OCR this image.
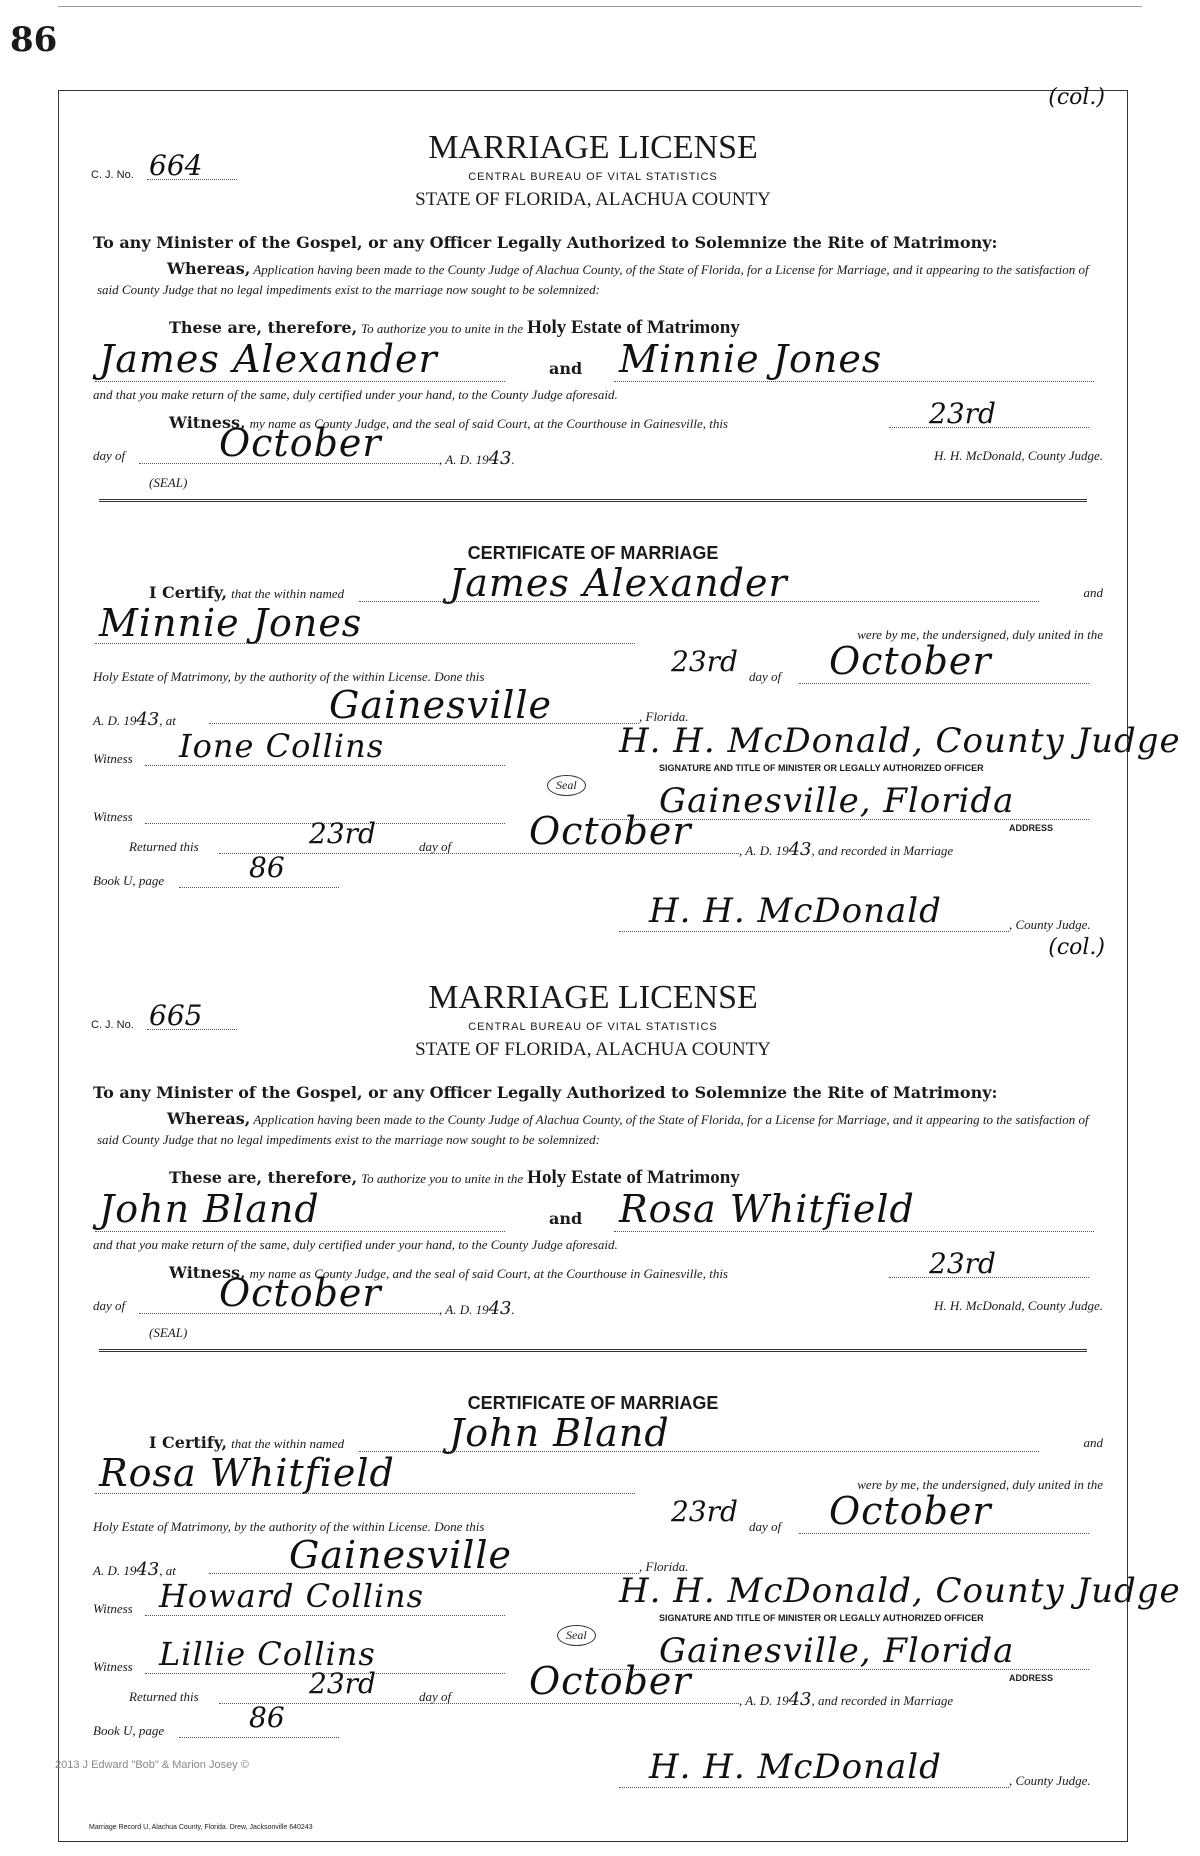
86
(col.)
C. J. No. 664	MARRIAGE LICENSE
CENTRAL BUREAU OF VITAL STATISTICS
STATE OF FLORIDA, ALACHUA COUNTY
To any Minister of the Gospel, or any Officer Legally Authorized to Solemnize the Rite of Matrimony:
Whereas, Application having been made to the County Judge of Alachua County, of the State of Florida, for a License for Marriage, and it appearing to the satisfaction of said County Judge that no legal impediments exist to the marriage now sought to be solemnized:
These are, therefore, To authorize you to unite in the Holy Estate of Matrimony
James Alexander	and Minnie Jones
and that you make return of the same, duly certified under your hand, to the County Judge aforesaid.
Witness, my name as County Judge, and the seal of said Court, at the Courthouse in Gainesville, this	23rd
day of October	, A. D. 1943.	H. H. McDonald, County Judge.
(SEAL)
CERTIFICATE OF MARRIAGE
I Certify, that the within named	James Alexander	and
Minnie Jones	were by me, the undersigned, duly united in the
Holy Estate of Matrimony, by the authority of the within License. Done this	23rd day of October
A. D. 1943, at	Gainesville	, Florida.
Witness Ione Collins	H. H. McDonald, County Judge
SIGNATURE AND TITLE OF MINISTER OR LEGALLY AUTHORIZED OFFICER
Seal
Witness	Gainesville, Florida
ADDRESS
Returned this	23rd	day of October	, A. D. 1943, and recorded in Marriage
Book U, page	86
H. H. McDonald	, County Judge.
(col.)
C. J. No. 665	MARRIAGE LICENSE
CENTRAL BUREAU OF VITAL STATISTICS
STATE OF FLORIDA, ALACHUA COUNTY
To any Minister of the Gospel, or any Officer Legally Authorized to Solemnize the Rite of Matrimony:
Whereas, Application having been made to the County Judge of Alachua County, of the State of Florida, for a License for Marriage, and it appearing to the satisfaction of said County Judge that no legal impediments exist to the marriage now sought to be solemnized:
These are, therefore, To authorize you to unite in the Holy Estate of Matrimony
John Bland	and Rosa Whitfield
and that you make return of the same, duly certified under your hand, to the County Judge aforesaid.
Witness, my name as County Judge, and the seal of said Court, at the Courthouse in Gainesville, this	23rd
day of October	, A. D. 1943.	H. H. McDonald, County Judge.
(SEAL)
CERTIFICATE OF MARRIAGE
I Certify, that the within named	John Bland	and
Rosa Whitfield	were by me, the undersigned, duly united in the
Holy Estate of Matrimony, by the authority of the within License. Done this	23rd day of October
A. D. 1943, at	Gainesville	, Florida.
Witness Howard Collins	H. H. McDonald, County Judge
SIGNATURE AND TITLE OF MINISTER OR LEGALLY AUTHORIZED OFFICER
Seal
Witness Lillie Collins	Gainesville, Florida
ADDRESS
Returned this	23rd	day of October	, A. D. 1943, and recorded in Marriage
Book U, page	86
H. H. McDonald	, County Judge.
Marriage Record U, Alachua County, Florida. Drew, Jacksonville 640243
2013 J Edward "Bob" & Marion Josey ©
